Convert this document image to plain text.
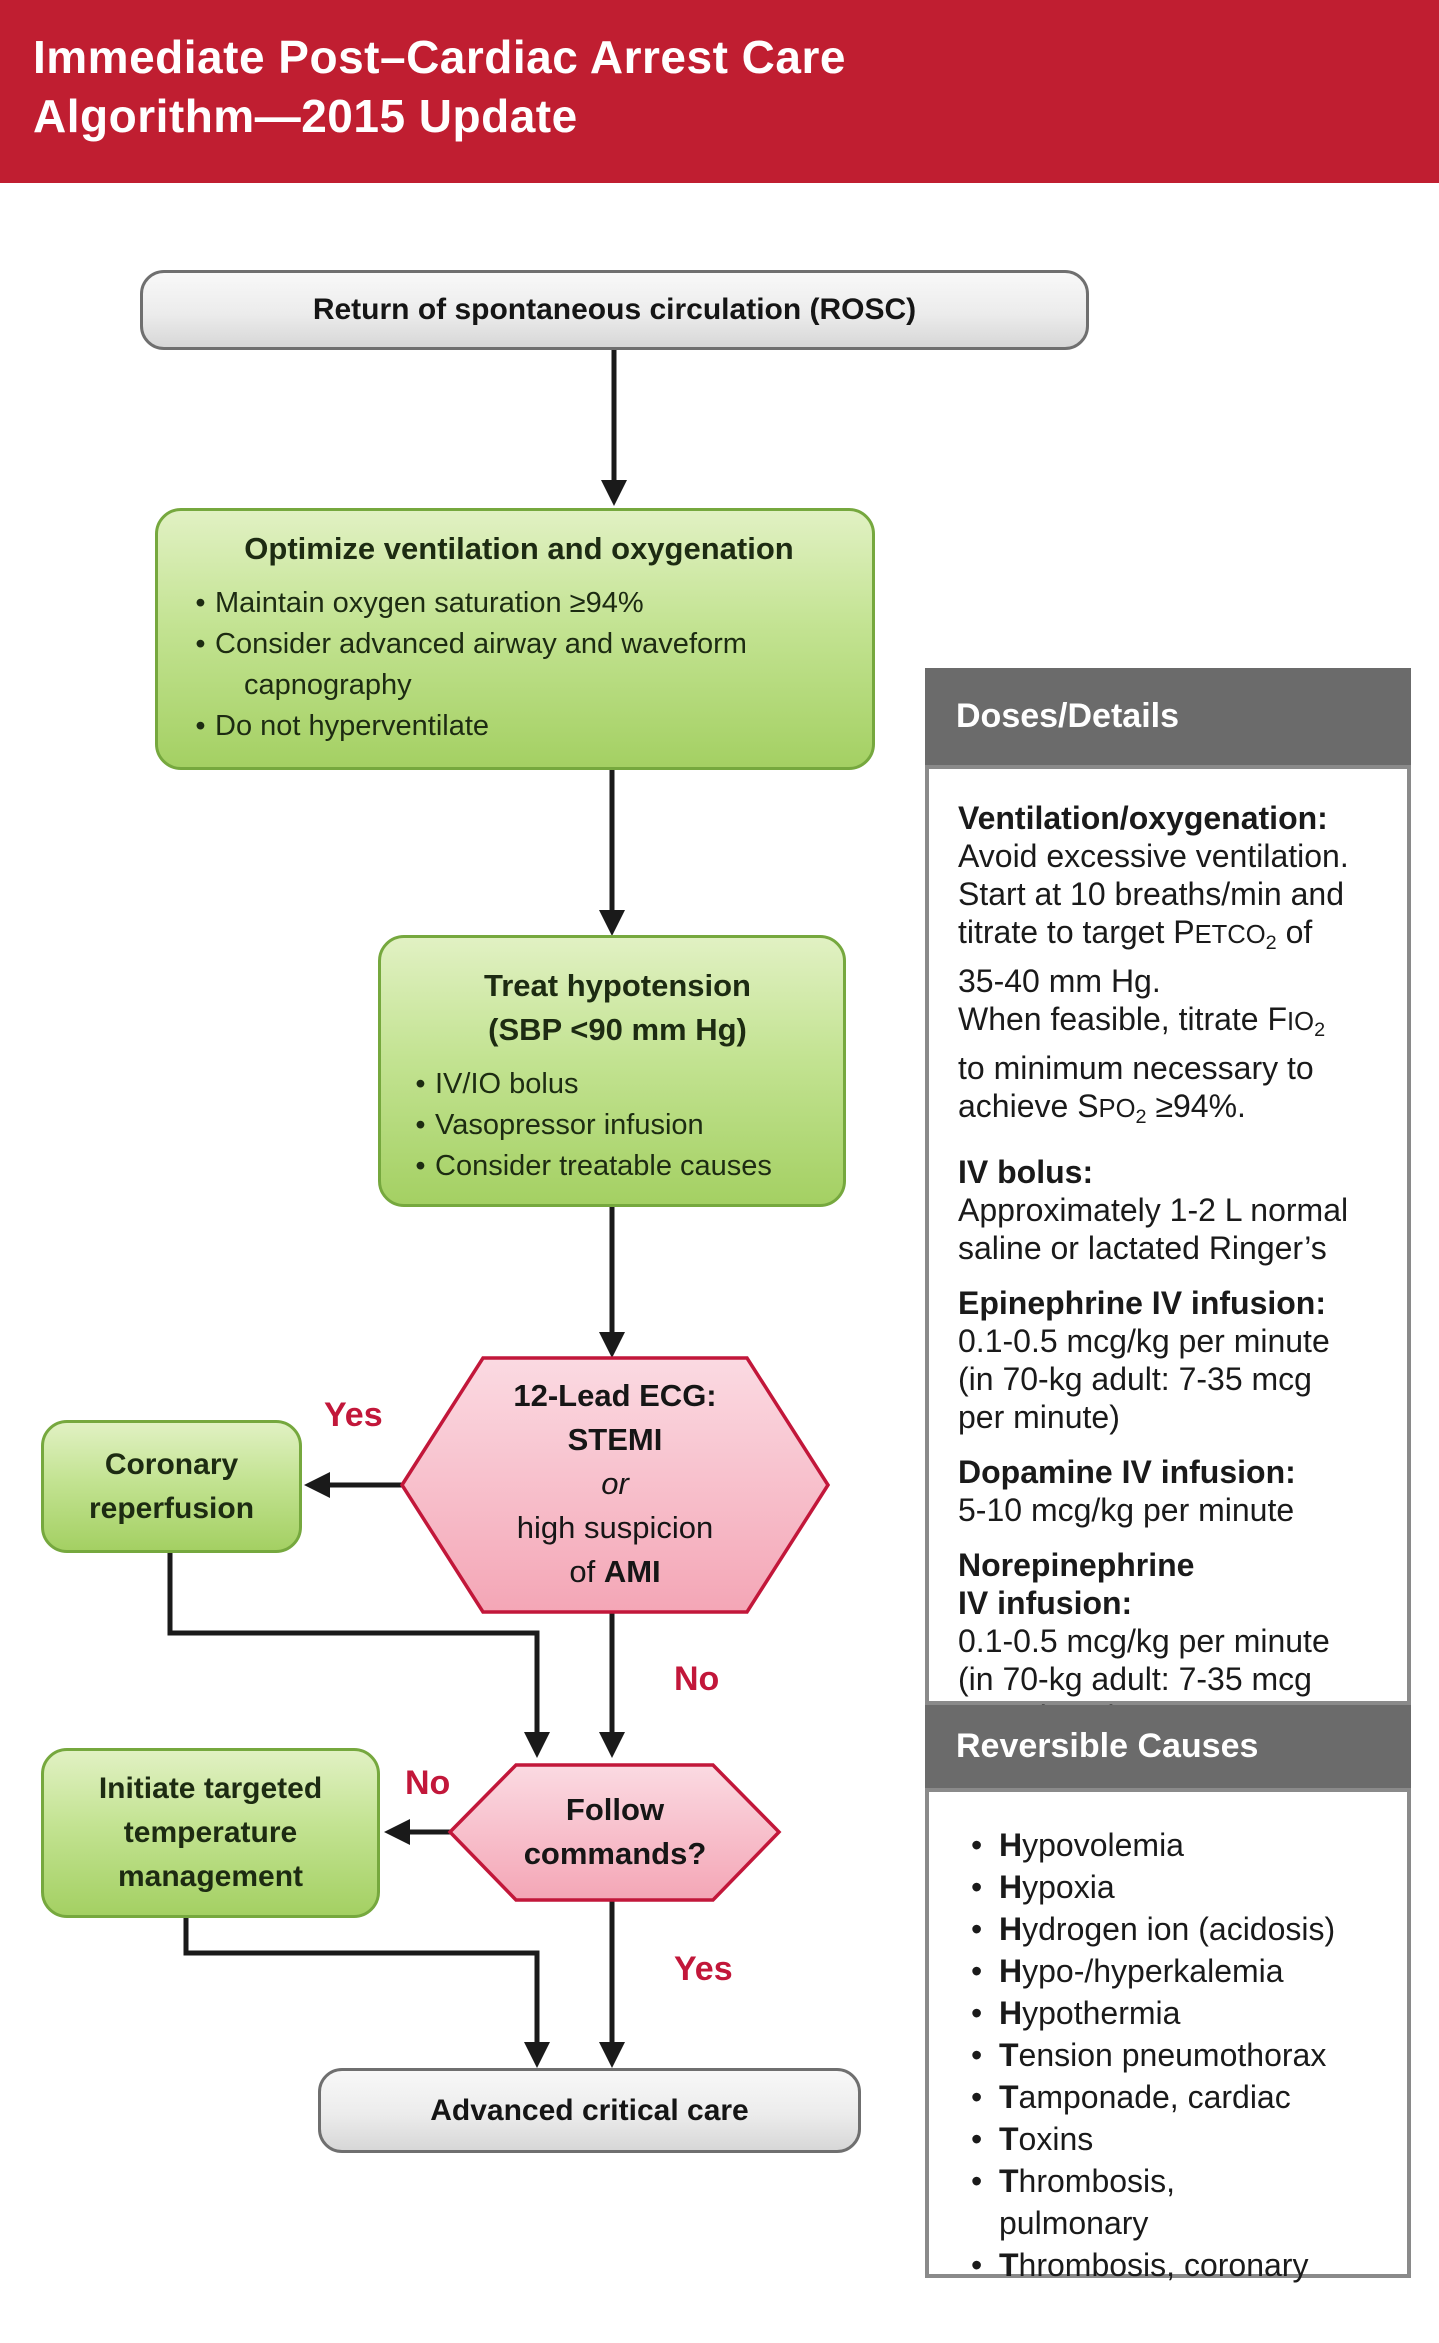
Immediate Post–Cardiac Arrest Care
Algorithm—2015 Update
Return of spontaneous circulation (ROSC)
Optimize ventilation and oxygenation
• Maintain oxygen saturation ≥94%
• Consider advanced airway and waveform
capnography
• Do not hyperventilate
Treat hypotension
(SBP <90 mm Hg)
• IV/IO bolus
• Vasopressor infusion
• Consider treatable causes
12-Lead ECG:
STEMI
or
high suspicion
of AMI
Coronary
reperfusion
Follow
commands?
Initiate targeted
temperature
management
Advanced critical care
Yes
No
No
Yes
Doses/Details
Ventilation/oxygenation:
Avoid excessive ventilation.
Start at 10 breaths/min and
titrate to target $PETCO_2$ of
35-40 mm Hg.
When feasible, titrate $FIO_2$
to minimum necessary to
achieve $SPO_2 \ge 94\%$.
IV bolus:
Approximately 1-2 L normal
saline or lactated Ringer’s
Epinephrine IV infusion:
0.1-0.5 mcg/kg per minute
(in 70-kg adult: 7-35 mcg
per minute)
Dopamine IV infusion:
5-10 mcg/kg per minute
Norepinephrine
IV infusion:
0.1-0.5 mcg/kg per minute
(in 70-kg adult: 7-35 mcg
Reversible Causes
• H ypovolemia
• H ypoxia
• H ydrogen ion (acidosis)
• H ypo-/hyperkalemia
• H ypothermia
• T ension pneumothorax
• T amponade, cardiac
• T oxins
• T hrombosis,
pulmonary
• T hrombosis, coronary
